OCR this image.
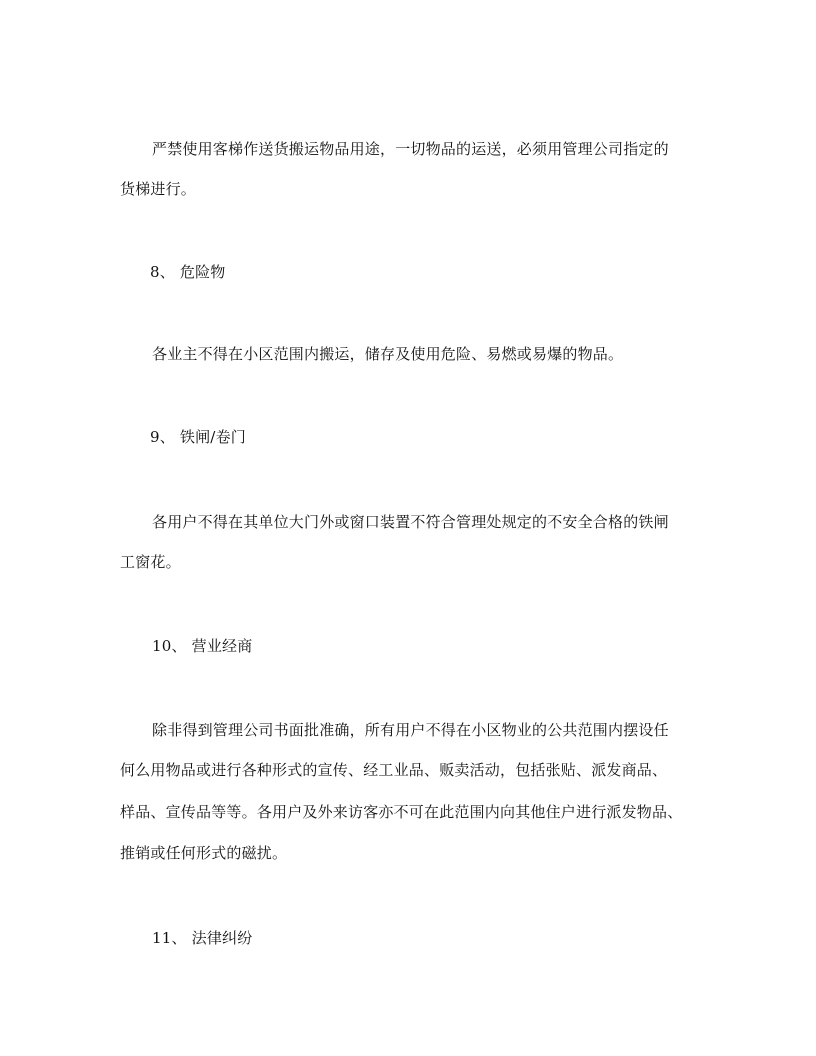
严禁使用客梯作送货搬运物品用途，一切物品的运送，必须用管理公司指定的
货梯进行。
8、 危险物
各业主不得在小区范围内搬运，储存及使用危险、易燃或易爆的物品。
9、 铁闸/卷门
各用户不得在其单位大门外或窗口装置不符合管理处规定的不安全合格的铁闸
工窗花。
10、 营业经商
除非得到管理公司书面批准确，所有用户不得在小区物业的公共范围内摆设任
何么用物品或进行各种形式的宣传、经工业品、贩卖活动，包括张贴、派发商品、
样品、宣传品等等。各用户及外来访客亦不可在此范围内向其他住户进行派发物品、
推销或任何形式的磁扰。
11、 法律纠纷
